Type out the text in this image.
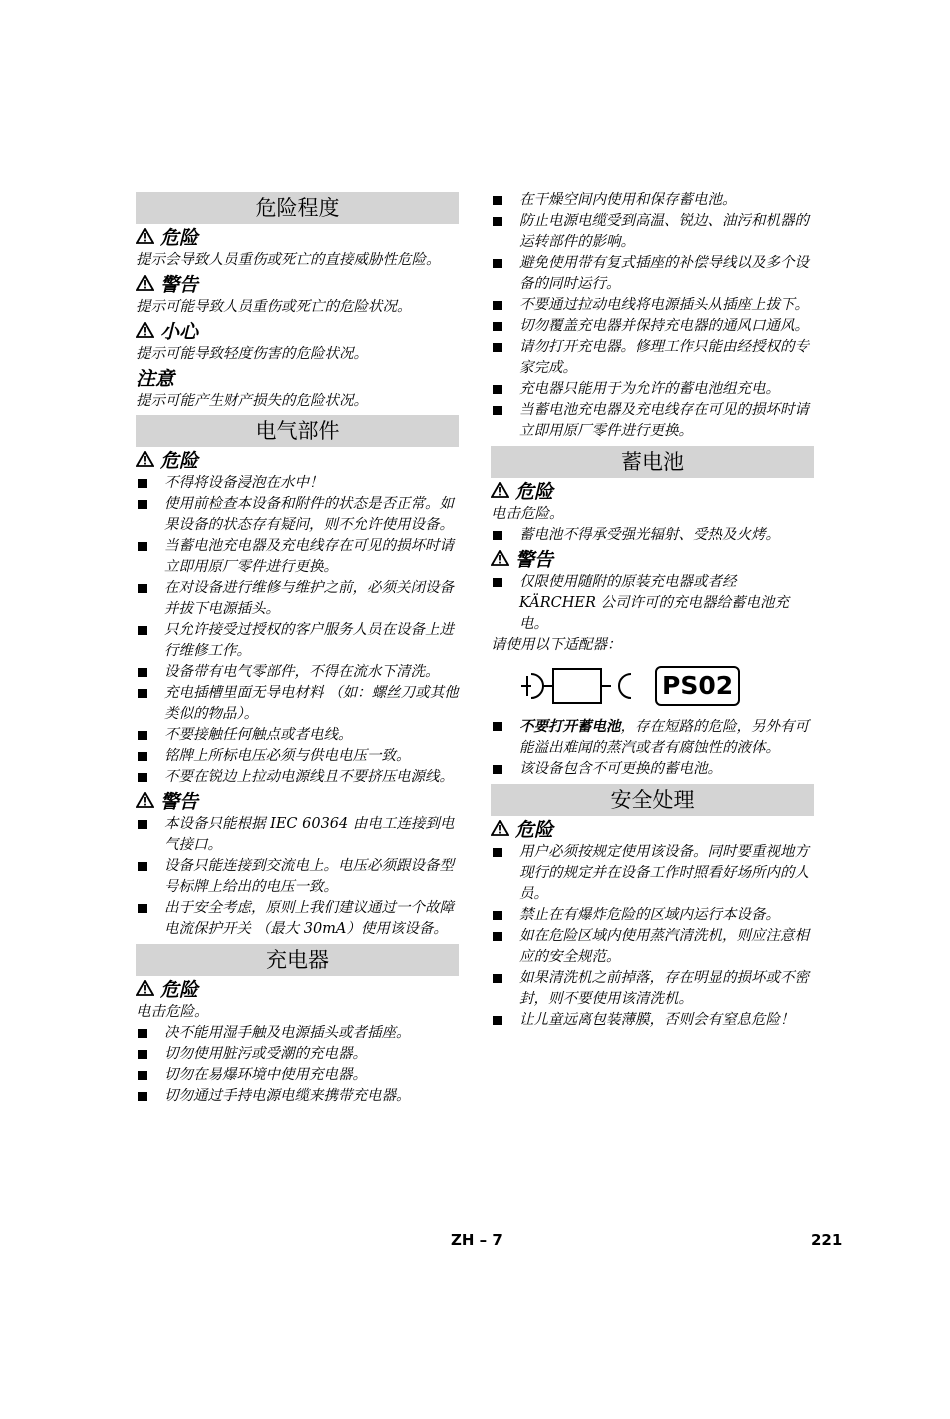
危险程度
危险
提示会导致人员重伤或死亡的直接威胁性危险。
警告
提示可能导致人员重伤或死亡的危险状况。
小心
提示可能导致轻度伤害的危险状况。
注意
提示可能产生财产损失的危险状况。
电气部件
危险
不得将设备浸泡在水中！
使用前检查本设备和附件的状态是否正常。如果设备的状态存有疑问，则不允许使用设备。
当蓄电池充电器及充电线存在可见的损坏时请立即用原厂零件进行更换。
在对设备进行维修与维护之前，必须关闭设备并拔下电源插头。
只允许接受过授权的客户服务人员在设备上进行维修工作。
设备带有电气零部件，不得在流水下清洗。
充电插槽里面无导电材料 （如：螺丝刀或其他类似的物品）。
不要接触任何触点或者电线。
铭牌上所标电压必须与供电电压一致。
不要在锐边上拉动电源线且不要挤压电源线。
警告
本设备只能根据 IEC 60364 由电工连接到电气接口。
设备只能连接到交流电上。电压必须跟设备型号标牌上给出的电压一致。
出于安全考虑，原则上我们建议通过一个故障电流保护开关 （最大 30mA）使用该设备。
充电器
危险
电击危险。
决不能用湿手触及电源插头或者插座。
切勿使用脏污或受潮的充电器。
切勿在易爆环境中使用充电器。
切勿通过手持电源电缆来携带充电器。
在干燥空间内使用和保存蓄电池。
防止电源电缆受到高温、锐边、油污和机器的运转部件的影响。
避免使用带有复式插座的补偿导线以及多个设备的同时运行。
不要通过拉动电线将电源插头从插座上拔下。
切勿覆盖充电器并保持充电器的通风口通风。
请勿打开充电器。修理工作只能由经授权的专家完成。
充电器只能用于为允许的蓄电池组充电。
当蓄电池充电器及充电线存在可见的损坏时请立即用原厂零件进行更换。
蓄电池
危险
电击危险。
蓄电池不得承受强光辐射、受热及火烤。
警告
仅限使用随附的原装充电器或者经 KÄRCHER 公司许可的充电器给蓄电池充电。
请使用以下适配器：
PS02
不要打开蓄电池，存在短路的危险，另外有可能溢出难闻的蒸汽或者有腐蚀性的液体。
该设备包含不可更换的蓄电池。
安全处理
危险
用户必须按规定使用该设备。同时要重视地方现行的规定并在设备工作时照看好场所内的人员。
禁止在有爆炸危险的区域内运行本设备。
如在危险区域内使用蒸汽清洗机，则应注意相应的安全规范。
如果清洗机之前掉落，存在明显的损坏或不密封，则不要使用该清洗机。
让儿童远离包装薄膜，否则会有窒息危险！
ZH – 7	221
